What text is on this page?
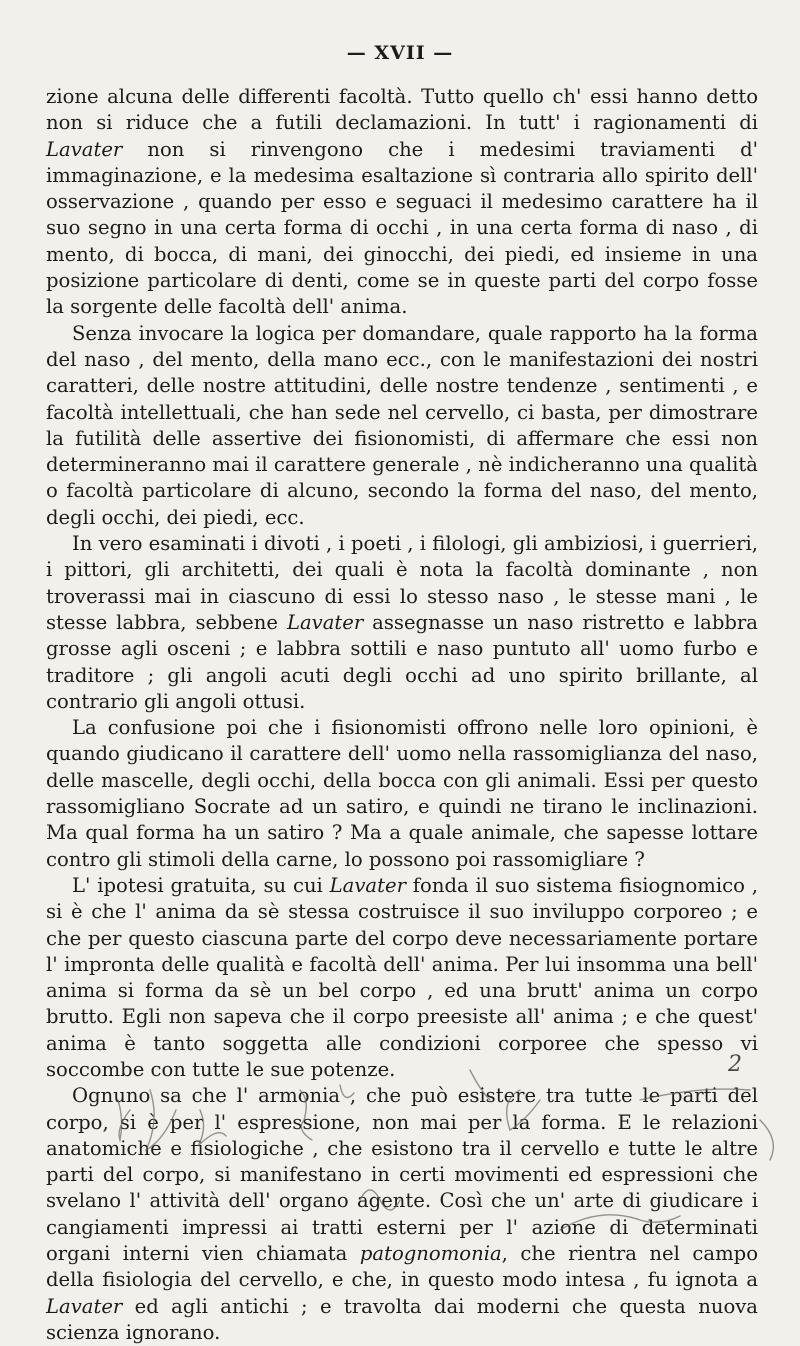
— XVII —

zione alcuna delle differenti facoltà. Tutto quello ch' essi hanno detto non si riduce che a futili declamazioni. In tutt' i ragionamenti di Lavater non si rinvengono che i medesimi traviamenti d' immaginazione, e la medesima esaltazione sì contraria allo spirito dell' osservazione , quando per esso e seguaci il medesimo carattere ha il suo segno in una certa forma di occhi , in una certa forma di naso , di mento, di bocca, di mani, dei ginocchi, dei piedi, ed insieme in una posizione particolare di denti, come se in queste parti del corpo fosse la sorgente delle facoltà dell' anima.

Senza invocare la logica per domandare, quale rapporto ha la forma del naso , del mento, della mano ecc., con le manifestazioni dei nostri caratteri, delle nostre attitudini, delle nostre tendenze , sentimenti , e facoltà intellettuali, che han sede nel cervello, ci basta, per dimostrare la futilità delle assertive dei fisionomisti, di affermare che essi non determineranno mai il carattere generale , nè indicheranno una qualità o facoltà particolare di alcuno, secondo la forma del naso, del mento, degli occhi, dei piedi, ecc.

In vero esaminati i divoti , i poeti , i filologi, gli ambiziosi, i guerrieri, i pittori, gli architetti, dei quali è nota la facoltà dominante , non troverassi mai in ciascuno di essi lo stesso naso , le stesse mani , le stesse labbra, sebbene Lavater assegnasse un naso ristretto e labbra grosse agli osceni ; e labbra sottili e naso puntuto all' uomo furbo e traditore ; gli angoli acuti degli occhi ad uno spirito brillante, al contrario gli angoli ottusi.

La confusione poi che i fisionomisti offrono nelle loro opinioni, è quando giudicano il carattere dell' uomo nella rassomiglianza del naso, delle mascelle, degli occhi, della bocca con gli animali. Essi per questo rassomigliano Socrate ad un satiro, e quindi ne tirano le inclinazioni. Ma qual forma ha un satiro ? Ma a quale animale, che sapesse lottare contro gli stimoli della carne, lo possono poi rassomigliare ?

L' ipotesi gratuita, su cui Lavater fonda il suo sistema fisiognomico , si è che l' anima da sè stessa costruisce il suo inviluppo corporeo ; e che per questo ciascuna parte del corpo deve necessariamente portare l' impronta delle qualità e facoltà dell' anima. Per lui insomma una bell' anima si forma da sè un bel corpo , ed una brutt' anima un corpo brutto. Egli non sapeva che il corpo preesiste all' anima ; e che quest' anima è tanto soggetta alle condizioni corporee che spesso vi soccombe con tutte le sue potenze.

Ognuno sa che l' armonia , che può esistere tra tutte le parti del corpo, si è per l' espressione, non mai per la forma. E le relazioni anatomiche e fisiologiche , che esistono tra il cervello e tutte le altre parti del corpo, si manifestano in certi movimenti ed espressioni che svelano l' attività dell' organo agente. Così che un' arte di giudicare i cangiamenti impressi ai tratti esterni per l' azione di determinati organi interni vien chiamata patognomonia, che rientra nel campo della fisiologia del cervello, e che, in questo modo intesa , fu ignota a Lavater ed agli antichi ; e travolta dai moderni che questa nuova scienza ignorano.

2
